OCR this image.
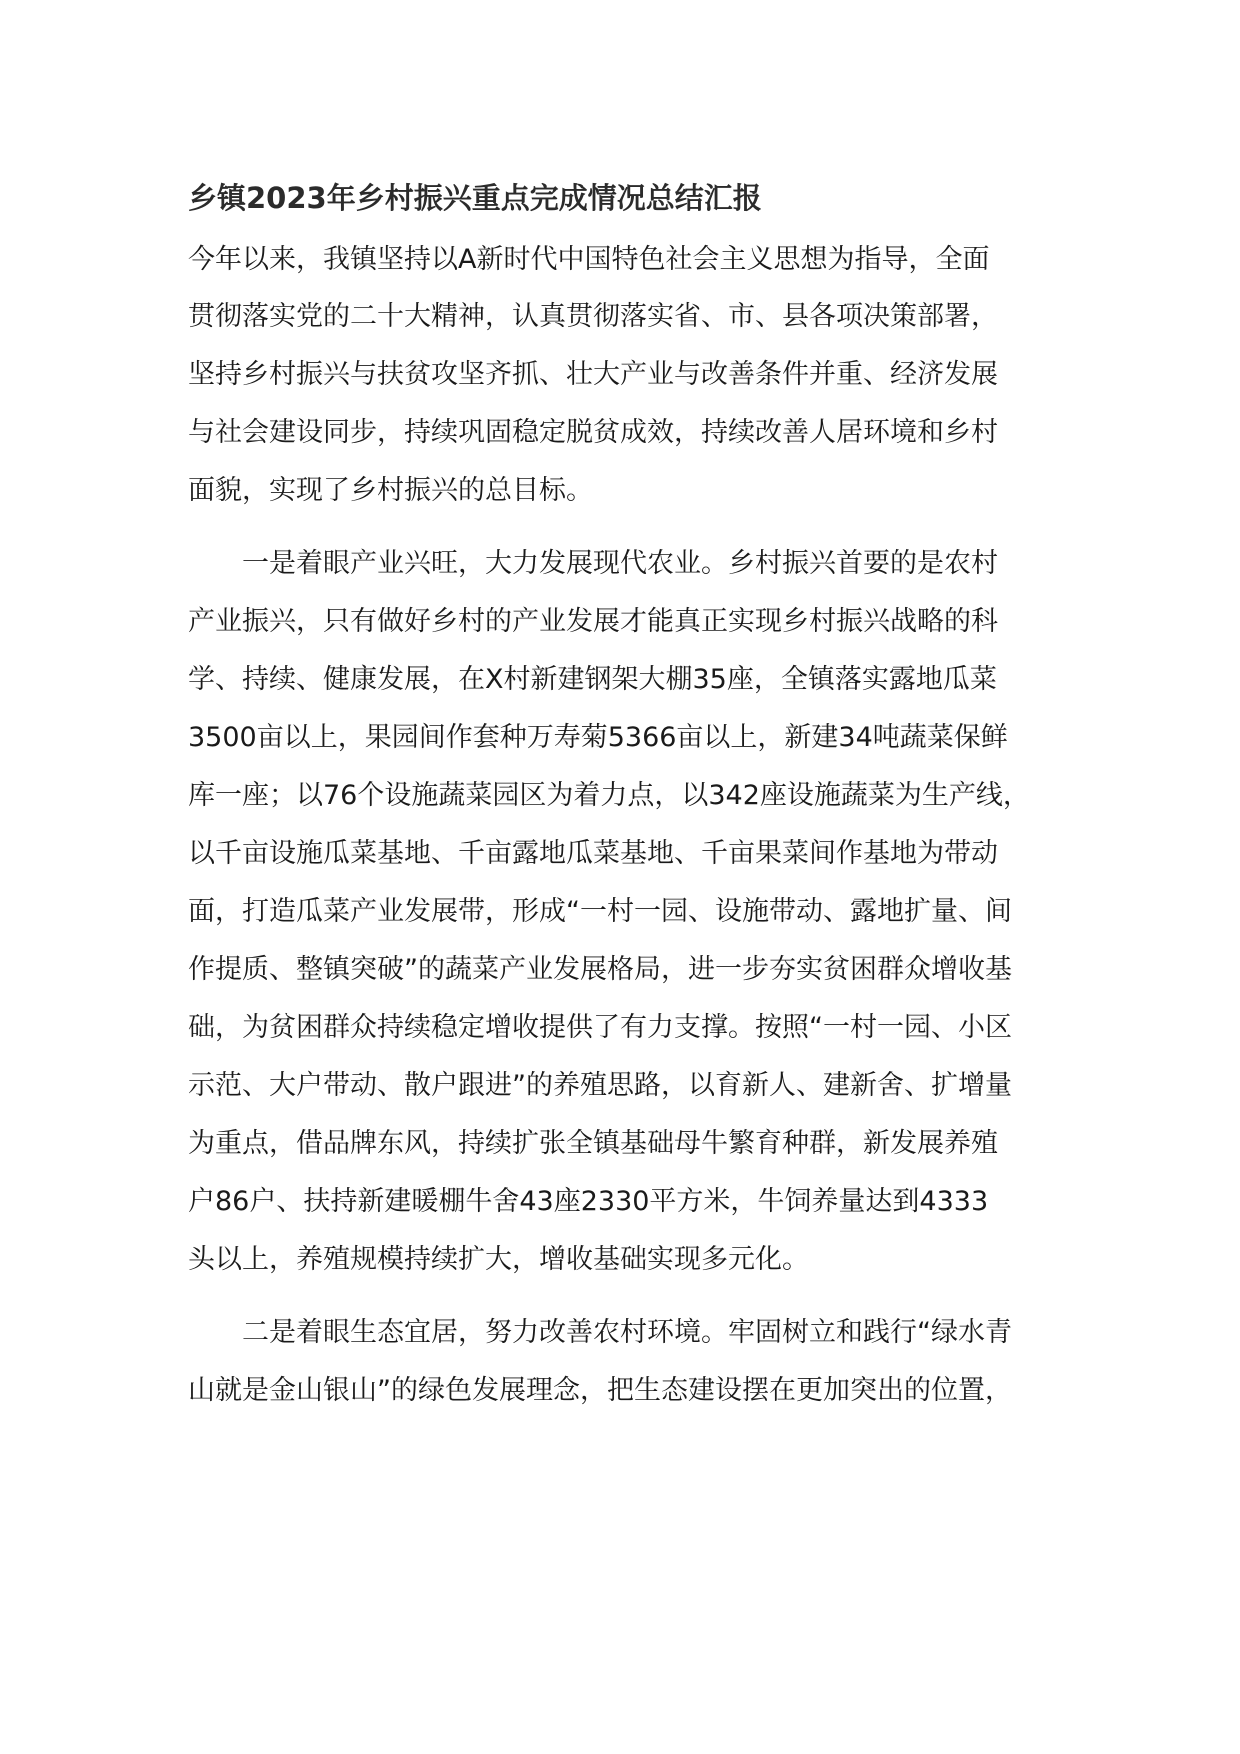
乡镇2023年乡村振兴重点完成情况总结汇报

今年以来，我镇坚持以A新时代中国特色社会主义思想为指导，全面

贯彻落实党的二十大精神，认真贯彻落实省、市、县各项决策部署，

坚持乡村振兴与扶贫攻坚齐抓、壮大产业与改善条件并重、经济发展

与社会建设同步，持续巩固稳定脱贫成效，持续改善人居环境和乡村

面貌，实现了乡村振兴的总目标。

一是着眼产业兴旺，大力发展现代农业。乡村振兴首要的是农村

产业振兴，只有做好乡村的产业发展才能真正实现乡村振兴战略的科

学、持续、健康发展，在X村新建钢架大棚35座，全镇落实露地瓜菜

3500亩以上，果园间作套种万寿菊5366亩以上，新建34吨蔬菜保鲜

库一座；以76个设施蔬菜园区为着力点，以342座设施蔬菜为生产线，

以千亩设施瓜菜基地、千亩露地瓜菜基地、千亩果菜间作基地为带动

面，打造瓜菜产业发展带，形成“一村一园、设施带动、露地扩量、间

作提质、整镇突破”的蔬菜产业发展格局，进一步夯实贫困群众增收基

础，为贫困群众持续稳定增收提供了有力支撑。按照“一村一园、小区

示范、大户带动、散户跟进”的养殖思路，以育新人、建新舍、扩增量

为重点，借品牌东风，持续扩张全镇基础母牛繁育种群，新发展养殖

户86户、扶持新建暖棚牛舍43座2330平方米，牛饲养量达到4333

头以上，养殖规模持续扩大，增收基础实现多元化。

二是着眼生态宜居，努力改善农村环境。牢固树立和践行“绿水青

山就是金山银山”的绿色发展理念，把生态建设摆在更加突出的位置，
